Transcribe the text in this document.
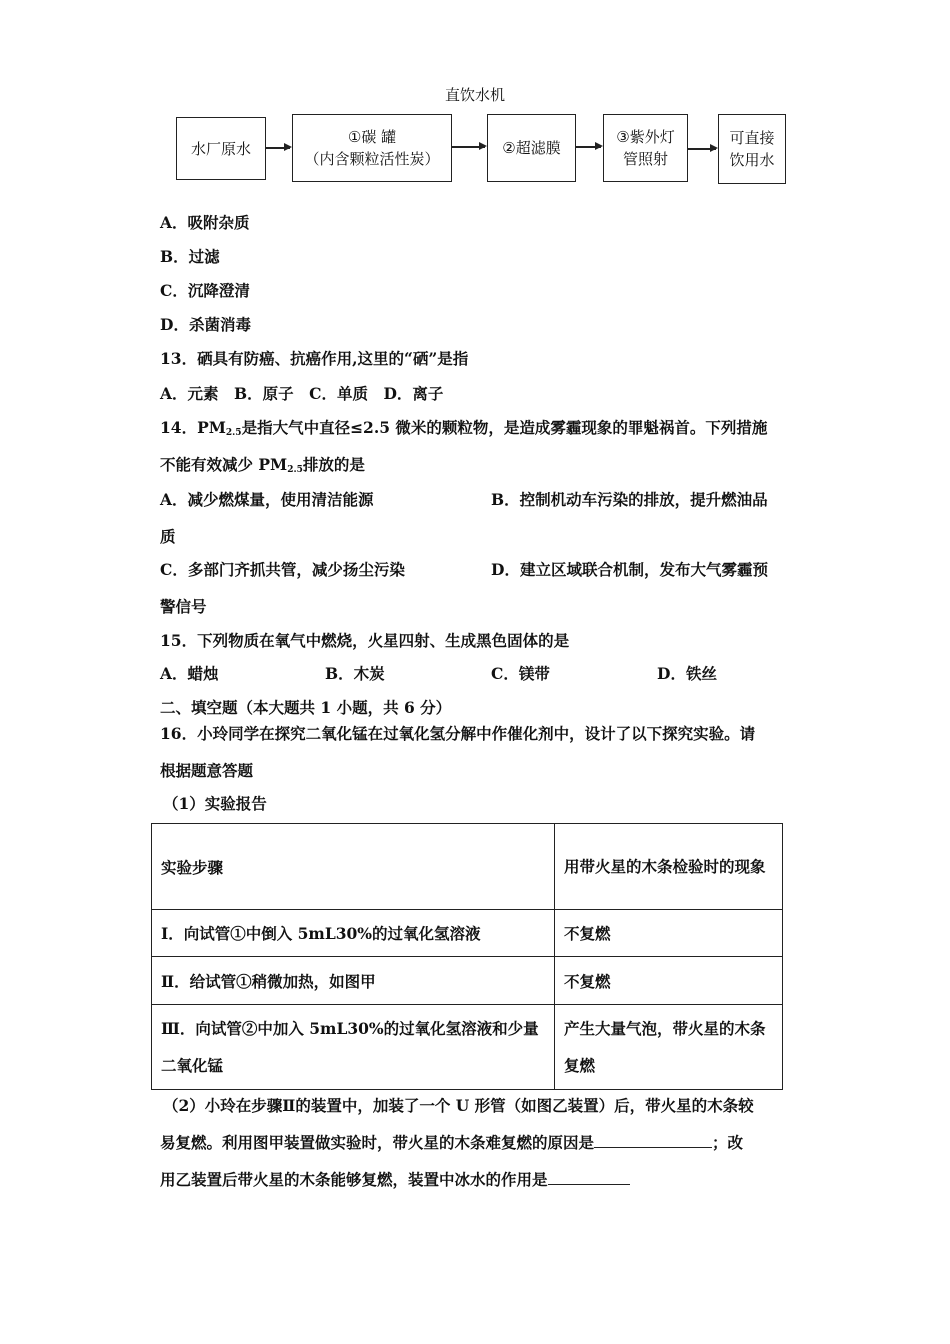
直饮水机
水厂原水
①碳 罐
（内含颗粒活性炭）
②超滤膜
③紫外灯
管照射
可直接
饮用水
A．吸附杂质
B．过滤
C．沉降澄清
D．杀菌消毒
13．硒具有防癌、抗癌作用,这里的“硒”是指
A．元素　B．原子　C．单质　D．离子
14．$PM_{2.5}$是指大气中直径≤2.5 微米的颗粒物，是造成雾霾现象的罪魁祸首。下列措施
不能有效减少 $PM_{2.5}$排放的是
A．减少燃煤量，使用清洁能源	B．控制机动车污染的排放，提升燃油品
质
C．多部门齐抓共管，减少扬尘污染	D．建立区域联合机制，发布大气雾霾预
警信号
15．下列物质在氧气中燃烧，火星四射、生成黑色固体的是
A．蜡烛	B．木炭	C．镁带	D．铁丝
二、填空题（本大题共 1 小题，共 6 分）
16．小玲同学在探究二氧化锰在过氧化氢分解中作催化剂中，设计了以下探究实验。请
根据题意答题
（1）实验报告
实验步骤	用带火星的木条检验时的现象
I．向试管①中倒入 5mL30%的过氧化氢溶液	不复燃
Ⅱ．给试管①稍微加热，如图甲	不复燃
Ⅲ．向试管②中加入 5mL30%的过氧化氢溶液和少量二氧化锰	产生大量气泡，带火星的木条复燃
（2）小玲在步骤Ⅱ的装置中，加装了一个 U 形管（如图乙装置）后，带火星的木条较
易复燃。利用图甲装置做实验时，带火星的木条难复燃的原因是	；改
用乙装置后带火星的木条能够复燃，装置中冰水的作用是
